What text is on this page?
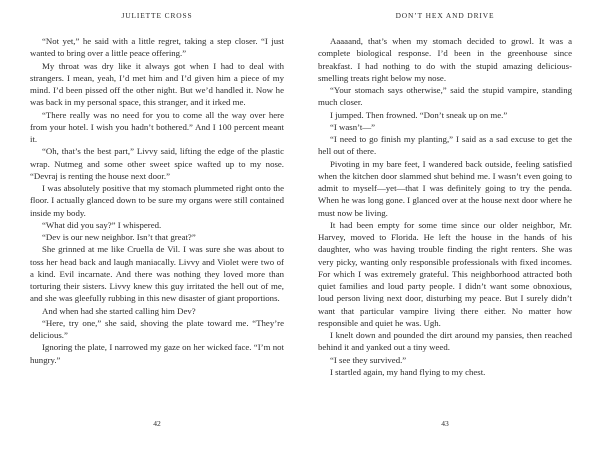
JULIETTE CROSS

“Not yet,” he said with a little regret, taking a step closer. “I just wanted to bring over a little peace offering.”

My throat was dry like it always got when I had to deal with strangers. I mean, yeah, I’d met him and I’d given him a piece of my mind. I’d been pissed off the other night. But we’d handled it. Now he was back in my personal space, this stranger, and it irked me.

“There really was no need for you to come all the way over here from your hotel. I wish you hadn’t bothered.” And I 100 percent meant it.

“Oh, that’s the best part,” Livvy said, lifting the edge of the plastic wrap. Nutmeg and some other sweet spice wafted up to my nose. “Devraj is renting the house next door.”

I was absolutely positive that my stomach plummeted right onto the floor. I actually glanced down to be sure my organs were still contained inside my body.

“What did you say?” I whispered.

“Dev is our new neighbor. Isn’t that great?”

She grinned at me like Cruella de Vil. I was sure she was about to toss her head back and laugh maniacally. Livvy and Violet were two of a kind. Evil incarnate. And there was nothing they loved more than torturing their sisters. Livvy knew this guy irritated the hell out of me, and she was gleefully rubbing in this new disaster of giant proportions.

And when had she started calling him Dev?

“Here, try one,” she said, shoving the plate toward me. “They’re delicious.”

Ignoring the plate, I narrowed my gaze on her wicked face. “I’m not hungry.”

42
DON’T HEX AND DRIVE

Aaaaand, that’s when my stomach decided to growl. It was a complete biological response. I’d been in the greenhouse since breakfast. I had nothing to do with the stupid amazing delicious-smelling treats right below my nose.

“Your stomach says otherwise,” said the stupid vampire, standing much closer.

I jumped. Then frowned. “Don’t sneak up on me.”

“I wasn’t—”

“I need to go finish my planting,” I said as a sad excuse to get the hell out of there.

Pivoting in my bare feet, I wandered back outside, feeling satisfied when the kitchen door slammed shut behind me. I wasn’t even going to admit to myself—yet—that I was definitely going to try the penda. When he was long gone. I glanced over at the house next door where he must now be living.

It had been empty for some time since our older neighbor, Mr. Harvey, moved to Florida. He left the house in the hands of his daughter, who was having trouble finding the right renters. She was very picky, wanting only responsible professionals with fixed incomes. For which I was extremely grateful. This neighborhood attracted both quiet families and loud party people. I didn’t want some obnoxious, loud person living next door, disturbing my peace. But I surely didn’t want that particular vampire living there either. No matter how responsible and quiet he was. Ugh.

I knelt down and pounded the dirt around my pansies, then reached behind it and yanked out a tiny weed.

“I see they survived.”

I startled again, my hand flying to my chest.

43
